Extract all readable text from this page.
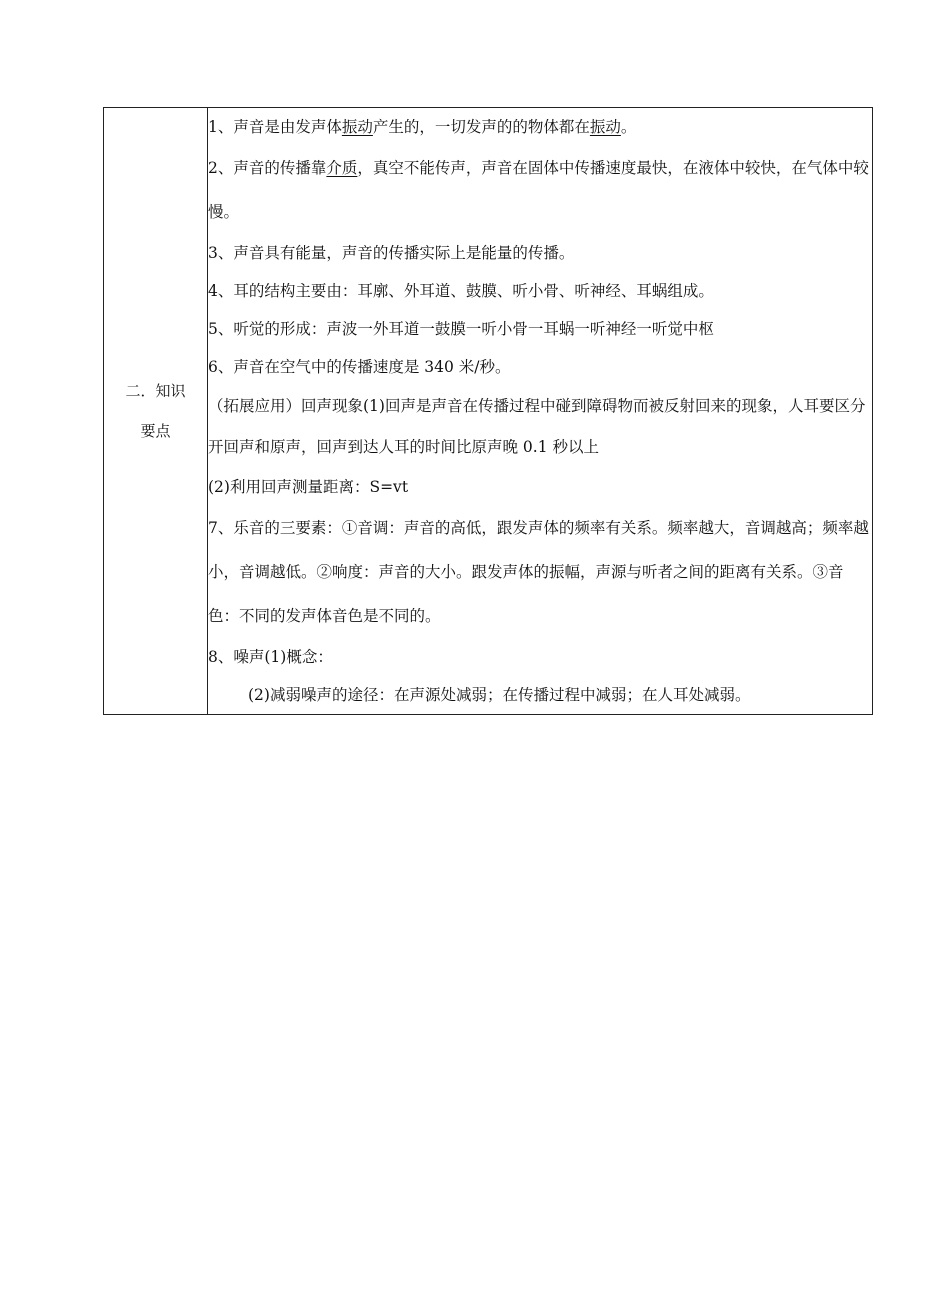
二．知识
要点

1、声音是由发声体振动产生的，一切发声的的物体都在振动。
2、声音的传播靠介质，真空不能传声，声音在固体中传播速度最快，在液体中较快，在气体中较慢。
3、声音具有能量，声音的传播实际上是能量的传播。
4、耳的结构主要由：耳廓、外耳道、鼓膜、听小骨、听神经、耳蜗组成。
5、听觉的形成：声波一外耳道一鼓膜一听小骨一耳蜗一听神经一听觉中枢
6、声音在空气中的传播速度是 340 米/秒。
（拓展应用）回声现象(1)回声是声音在传播过程中碰到障碍物而被反射回来的现象，人耳要区分开回声和原声，回声到达人耳的时间比原声晚 0.1 秒以上
(2)利用回声测量距离：S=vt
7、乐音的三要素：①音调：声音的高低，跟发声体的频率有关系。频率越大，音调越高；频率越小，音调越低。②响度：声音的大小。跟发声体的振幅，声源与听者之间的距离有关系。③音色：不同的发声体音色是不同的。
8、噪声(1)概念：
(2)减弱噪声的途径：在声源处减弱；在传播过程中减弱；在人耳处减弱。
